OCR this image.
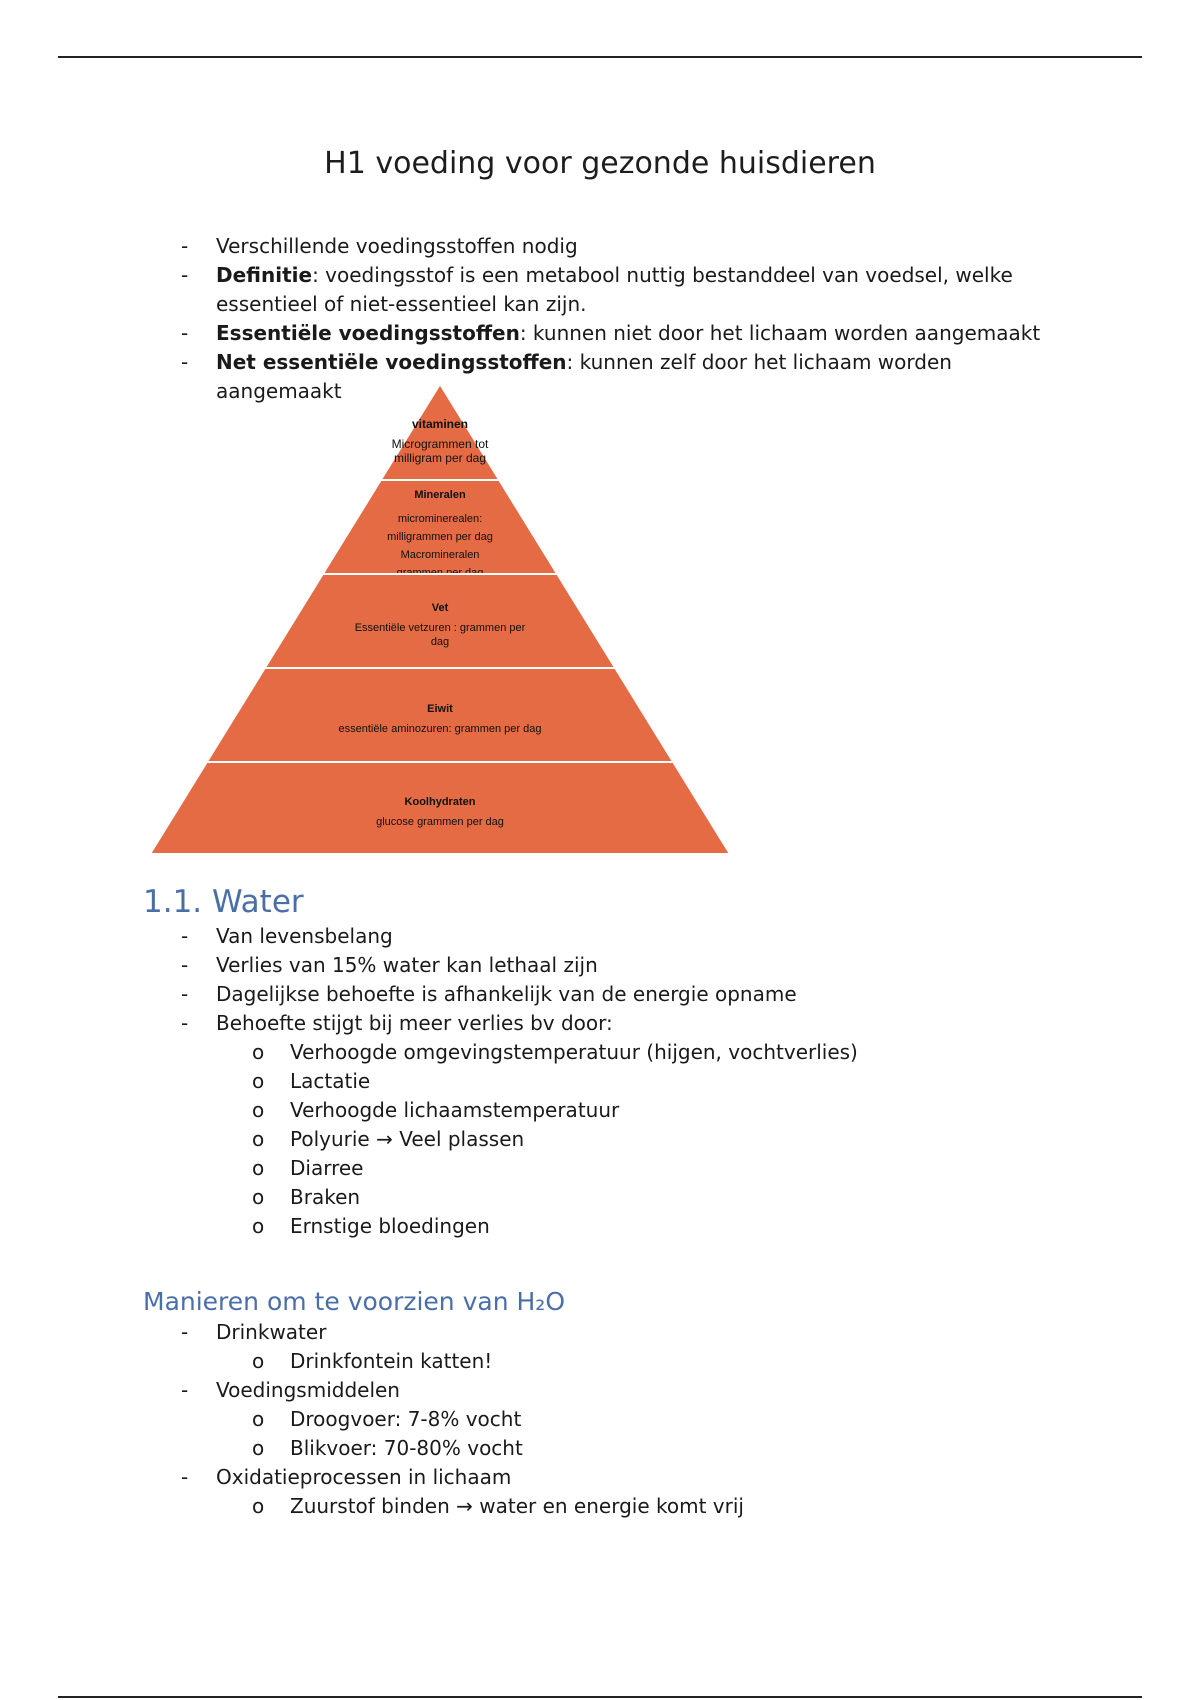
H1 voeding voor gezonde huisdieren
- Verschillende voedingsstoffen nodig
- Definitie: voedingsstof is een metabool nuttig bestanddeel van voedsel, welke essentieel of niet-essentieel kan zijn.
- Essentiële voedingsstoffen: kunnen niet door het lichaam worden aangemaakt
- Net essentiële voedingsstoffen: kunnen zelf door het lichaam worden aangemaakt
vitaminen
Microgrammen tot
milligram per dag
Mineralen
microminerealen:
milligrammen per dag
Macromineralen
Vet
Essentiële vetzuren : grammen per
dag
Eiwit
essentiële aminozuren: grammen per dag
Koolhydraten
glucose grammen per dag
1.1. Water
- Van levensbelang
- Verlies van 15% water kan lethaal zijn
- Dagelijkse behoefte is afhankelijk van de energie opname
- Behoefte stijgt bij meer verlies bv door:
o Verhoogde omgevingstemperatuur (hijgen, vochtverlies)
o Lactatie
o Verhoogde lichaamstemperatuur
o Polyurie → Veel plassen
o Diarree
o Braken
o Ernstige bloedingen
Manieren om te voorzien van H₂O
- Drinkwater
o Drinkfontein katten!
- Voedingsmiddelen
o Droogvoer: 7-8% vocht
o Blikvoer: 70-80% vocht
- Oxidatieprocessen in lichaam
o Zuurstof binden → water en energie komt vrij
